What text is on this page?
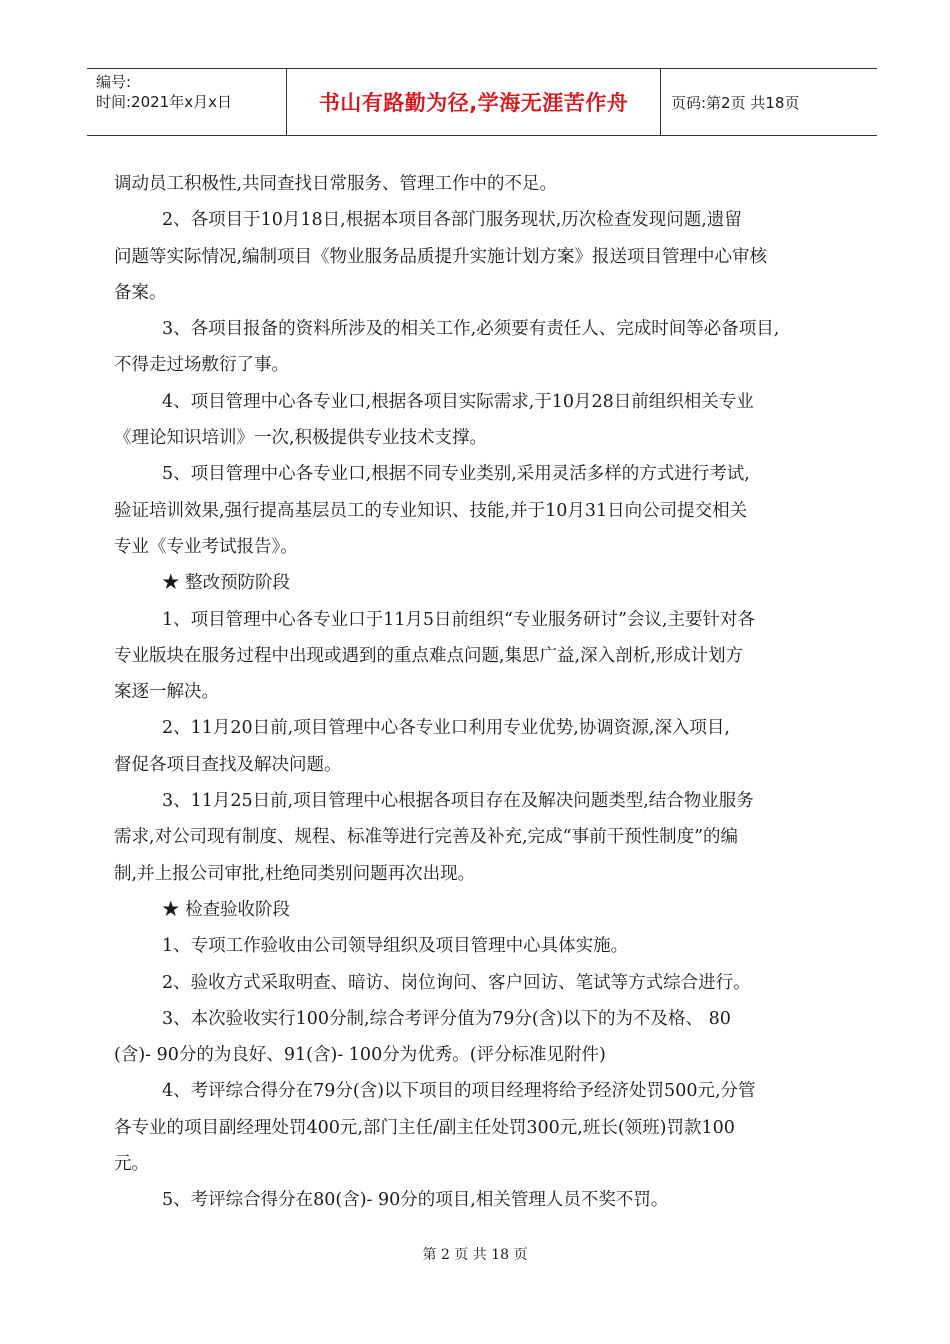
编号:
时间:2021年x月x日	书山有路勤为径,学海无涯苦作舟	页码:第2页 共18页

调动员工积极性,共同查找日常服务、管理工作中的不足。

2、各项目于10月18日,根据本项目各部门服务现状,历次检查发现问题,遗留

问题等实际情况,编制项目《物业服务品质提升实施计划方案》报送项目管理中心审核

备案。

3、各项目报备的资料所涉及的相关工作,必须要有责任人、完成时间等必备项目,

不得走过场敷衍了事。

4、项目管理中心各专业口,根据各项目实际需求,于10月28日前组织相关专业

《理论知识培训》一次,积极提供专业技术支撑。

5、项目管理中心各专业口,根据不同专业类别,采用灵活多样的方式进行考试,

验证培训效果,强行提高基层员工的专业知识、技能,并于10月31日向公司提交相关

专业《专业考试报告》。

★ 整改预防阶段

1、项目管理中心各专业口于11月5日前组织“专业服务研讨”会议,主要针对各

专业版块在服务过程中出现或遇到的重点难点问题,集思广益,深入剖析,形成计划方

案逐一解决。

2、11月20日前,项目管理中心各专业口利用专业优势,协调资源,深入项目,

督促各项目查找及解决问题。

3、11月25日前,项目管理中心根据各项目存在及解决问题类型,结合物业服务

需求,对公司现有制度、规程、标准等进行完善及补充,完成“事前干预性制度”的编

制,并上报公司审批,杜绝同类别问题再次出现。

★ 检查验收阶段

1、专项工作验收由公司领导组织及项目管理中心具体实施。

2、验收方式采取明查、暗访、岗位询问、客户回访、笔试等方式综合进行。

3、本次验收实行100分制,综合考评分值为79分(含)以下的为不及格、 80

(含)- 90分的为良好、91(含)- 100分为优秀。(评分标准见附件)

4、考评综合得分在79分(含)以下项目的项目经理将给予经济处罚500元,分管

各专业的项目副经理处罚400元,部门主任/副主任处罚300元,班长(领班)罚款100

元。

5、考评综合得分在80(含)- 90分的项目,相关管理人员不奖不罚。

第 2 页 共 18 页
